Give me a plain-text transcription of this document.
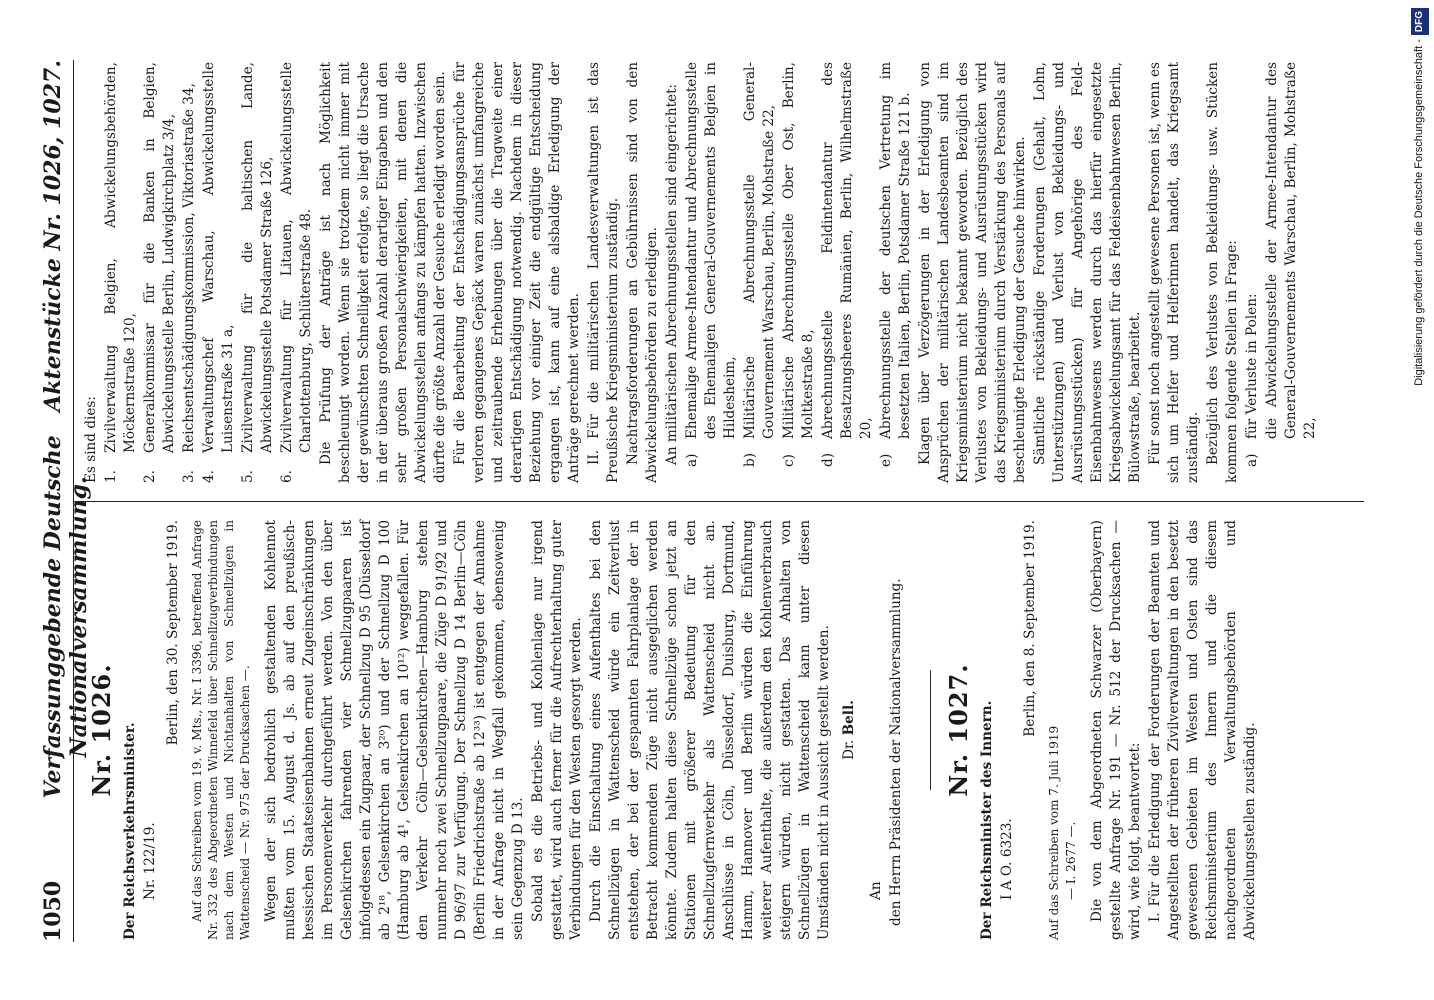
1050
Verfassunggebende Deutsche Nationalversammlung.
Aktenstücke Nr. 1026, 1027.

Nr. 1026. Der Reichsverkehrsminister. Nr. 122/19.

Berlin, den 30. September 1919. Auf das Schreiben vom 19. v. Mts., Nr. I 3396, betreffend Anfrage Nr. 332 des Abgeordneten Winnefeld über Schnellzugverbindungen nach dem Westen und Nichtanhalten von Schnellzügen in Wattenscheid — Nr. 975 der Drucksachen —. Wegen der sich bedrohlich gestaltenden Kohlennot mußten vom 15. August d. Js. ab auf den preußisch-hessischen Staatseisenbahnen erneut Zugeinschränkungen im Personenverkehr durchgeführt werden. Von den über Gelsenkirchen fahrenden vier Schnellzugpaaren ist infolgedessen ein Zugpaar, der Schnellzug D 95 (Düsseldorf ab 2¹⁸, Gelsenkirchen an 3²⁰) und der Schnellzug D 100 (Hamburg ab 4¹, Gelsenkirchen an 10¹²) weggefallen. Für den Verkehr Cöln—Gelsenkirchen—Hamburg stehen nunmehr noch zwei Schnellzugpaare, die Züge D 91/92 und D 96/97 zur Verfügung. Der Schnellzug D 14 Berlin—Cöln (Berlin Friedrichstraße ab 12³³) ist entgegen der Annahme in der Anfrage nicht in Wegfall gekommen, ebensowenig sein Gegenzug D 13. Sobald es die Betriebs- und Kohlenlage nur irgend gestattet, wird auch ferner für die Aufrechterhaltung guter Verbindungen für den Westen gesorgt werden. Durch die Einschaltung eines Aufenthaltes bei den Schnellzügen in Wattenscheid würde ein Zeitverlust entstehen, der bei der gespannten Fahrplanlage der in Betracht kommenden Züge nicht ausgeglichen werden könnte. Zudem halten diese Schnellzüge schon jetzt an Stationen mit größerer Bedeutung für den Schnellzugfernverkehr als Wattenscheid nicht an. Anschlüsse in Cöln, Düsseldorf, Duisburg, Dortmund, Hamm, Hannover und Berlin würden die Einführung weiterer Aufenthalte, die außerdem den Kohlenverbrauch steigern würden, nicht gestatten. Das Anhalten von Schnellzügen in Wattenscheid kann unter diesen Umständen nicht in Aussicht gestellt werden. Dr. Bell.

An den Herrn Präsidenten der Nationalversammlung. Nr. 1027. Der Reichsminister des Innern. I A O. 6323.

Berlin, den 8. September 1919.

Auf das Schreiben vom 7. Juli 1919 — I. 2677 —. Die von dem Abgeordneten Schwarzer (Oberbayern) gestellte Anfrage Nr. 191 — Nr. 512 der Drucksachen — wird, wie folgt, beantwortet: I. Für die Erledigung der Forderungen der Beamten und Angestellten der früheren Zivilverwaltungen in den besetzt gewesenen Gebieten im Westen und Osten sind das Reichsministerium des Innern und die diesem nachgeordneten Verwaltungsbehörden und Abwickelungsstellen zuständig.

Es sind dies: 1.
Zivilverwaltung Belgien, Abwickelungsbehörden, Möckernstraße 120,
2.
Generalkommissar für die Banken in Belgien, Abwickelungsstelle Berlin, Ludwigkirchplatz 3/4,
3.
Reichsentschädigungskommission, Viktoriastraße 34,
4.
Verwaltungschef Warschau, Abwickelungsstelle Luisenstraße 31 a,
5.
Zivilverwaltung für die baltischen Lande, Abwickelungsstelle Potsdamer Straße 126,
6.
Zivilverwaltung für Litauen, Abwickelungsstelle Charlottenburg, Schlüterstraße 48. Die Prüfung der Anträge ist nach Möglichkeit beschleunigt worden. Wenn sie trotzdem nicht immer mit der gewünschten Schnelligkeit erfolgte, so liegt die Ursache in der überaus großen Anzahl derartiger Eingaben und den sehr großen Personalschwierigkeiten, mit denen die Abwickelungsstellen anfangs zu kämpfen hatten. Inzwischen dürfte die größte Anzahl der Gesuche erledigt worden sein. Für die Bearbeitung der Entschädigungsansprüche für verloren gegangenes Gepäck waren zunächst umfangreiche und zeitraubende Erhebungen über die Tragweite einer derartigen Entschädigung notwendig. Nachdem in dieser Beziehung vor einiger Zeit die endgültige Entscheidung ergangen ist, kann auf eine alsbaldige Erledigung der Anträge gerechnet werden. II. Für die militärischen Landesverwaltungen ist das Preußische Kriegsministerium zuständig. Nachtragsforderungen an Gebührnissen sind von den Abwickelungsbehörden zu erledigen. An militärischen Abrechnungsstellen sind eingerichtet: a)
Ehemalige Armee-Intendantur und Abrechnungsstelle des Ehemaligen General-Gouvernements Belgien in Hildesheim,
b)
Militärische Abrechnungsstelle General-Gouvernement Warschau, Berlin, Mohstraße 22,
c)
Militärische Abrechnungsstelle Ober Ost, Berlin, Moltkestraße 8,
d)
Abrechnungsstelle Feldintendantur des Besatzungsheeres Rumänien, Berlin, Wilhelmstraße 20,
e)
Abrechnungsstelle der deutschen Vertretung im besetzten Italien, Berlin, Potsdamer Straße 121 b. Klagen über Verzögerungen in der Erledigung von Ansprüchen der militärischen Landesbeamten sind im Kriegsministerium nicht bekannt geworden. Bezüglich des Verlustes von Bekleidungs- und Ausrüstungsstücken wird das Kriegsministerium durch Verstärkung des Personals auf beschleunigte Erledigung der Gesuche hinwirken. Sämtliche rückständige Forderungen (Gehalt, Lohn, Unterstützungen) und Verlust von Bekleidungs- und Ausrüstungsstücken) für Angehörige des Feld-Eisenbahnwesens werden durch das hierfür eingesetzte Kriegsabwickelungsamt für das Feldeisenbahnwesen Berlin, Bülowstraße, bearbeitet. Für sonst noch angestellt gewesene Personen ist, wenn es sich um Helfer und Helferinnen handelt, das Kriegsamt zuständig. Bezüglich des Verlustes von Bekleidungs- usw. Stücken kommen folgende Stellen in Frage: a)
für Verluste in Polen: die Abwickelungsstelle der Armee-Intendantur des General-Gouvernements Warschau, Berlin, Mohstraße 22,

Digitalisierung gefördert durch die Deutsche Forschungsgemeinschaft -DFG
